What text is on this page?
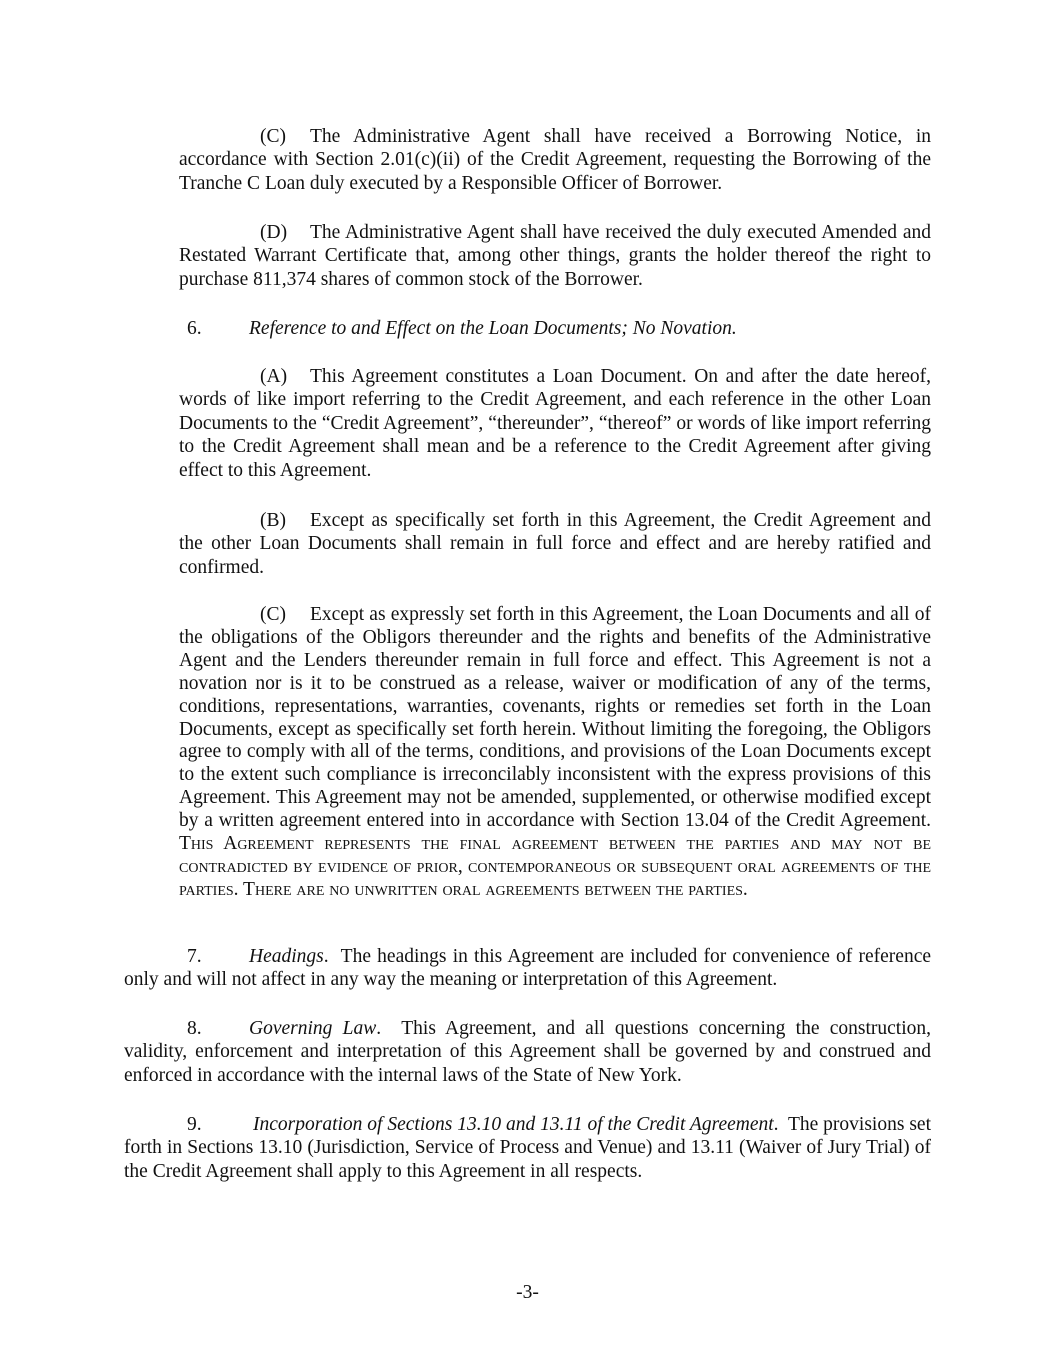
(C) The Administrative Agent shall have received a Borrowing Notice, in accordance with Section 2.01(c)(ii) of the Credit Agreement, requesting the Borrowing of the Tranche C Loan duly executed by a Responsible Officer of Borrower.

(D) The Administrative Agent shall have received the duly executed Amended and Restated Warrant Certificate that, among other things, grants the holder thereof the right to purchase 811,374 shares of common stock of the Borrower.

6. Reference to and Effect on the Loan Documents; No Novation.

(A) This Agreement constitutes a Loan Document. On and after the date hereof, words of like import referring to the Credit Agreement, and each reference in the other Loan Documents to the “Credit Agreement”, “thereunder”, “thereof” or words of like import referring to the Credit Agreement shall mean and be a reference to the Credit Agreement after giving effect to this Agreement.

(B) Except as specifically set forth in this Agreement, the Credit Agreement and the other Loan Documents shall remain in full force and effect and are hereby ratified and confirmed.

(C) Except as expressly set forth in this Agreement, the Loan Documents and all of the obligations of the Obligors thereunder and the rights and benefits of the Administrative Agent and the Lenders thereunder remain in full force and effect. This Agreement is not a novation nor is it to be construed as a release, waiver or modification of any of the terms, conditions, representations, warranties, covenants, rights or remedies set forth in the Loan Documents, except as specifically set forth herein. Without limiting the foregoing, the Obligors agree to comply with all of the terms, conditions, and provisions of the Loan Documents except to the extent such compliance is irreconcilably inconsistent with the express provisions of this Agreement. This Agreement may not be amended, supplemented, or otherwise modified except by a written agreement entered into in accordance with Section 13.04 of the Credit Agreement. This Agreement represents the final agreement between the parties and may not be contradicted by evidence of prior, contemporaneous or subsequent oral agreements of the parties. There are no unwritten oral agreements between the parties.

7. Headings.  The headings in this Agreement are included for convenience of reference only and will not affect in any way the meaning or interpretation of this Agreement.

8. Governing Law.  This Agreement, and all questions concerning the construction, validity, enforcement and interpretation of this Agreement shall be governed by and construed and enforced in accordance with the internal laws of the State of New York.

9.	Incorporation of Sections 13.10 and 13.11 of the Credit Agreement.  The provisions set forth in Sections 13.10 (Jurisdiction, Service of Process and Venue) and 13.11 (Waiver of Jury Trial) of the Credit Agreement shall apply to this Agreement in all respects.

-3-
